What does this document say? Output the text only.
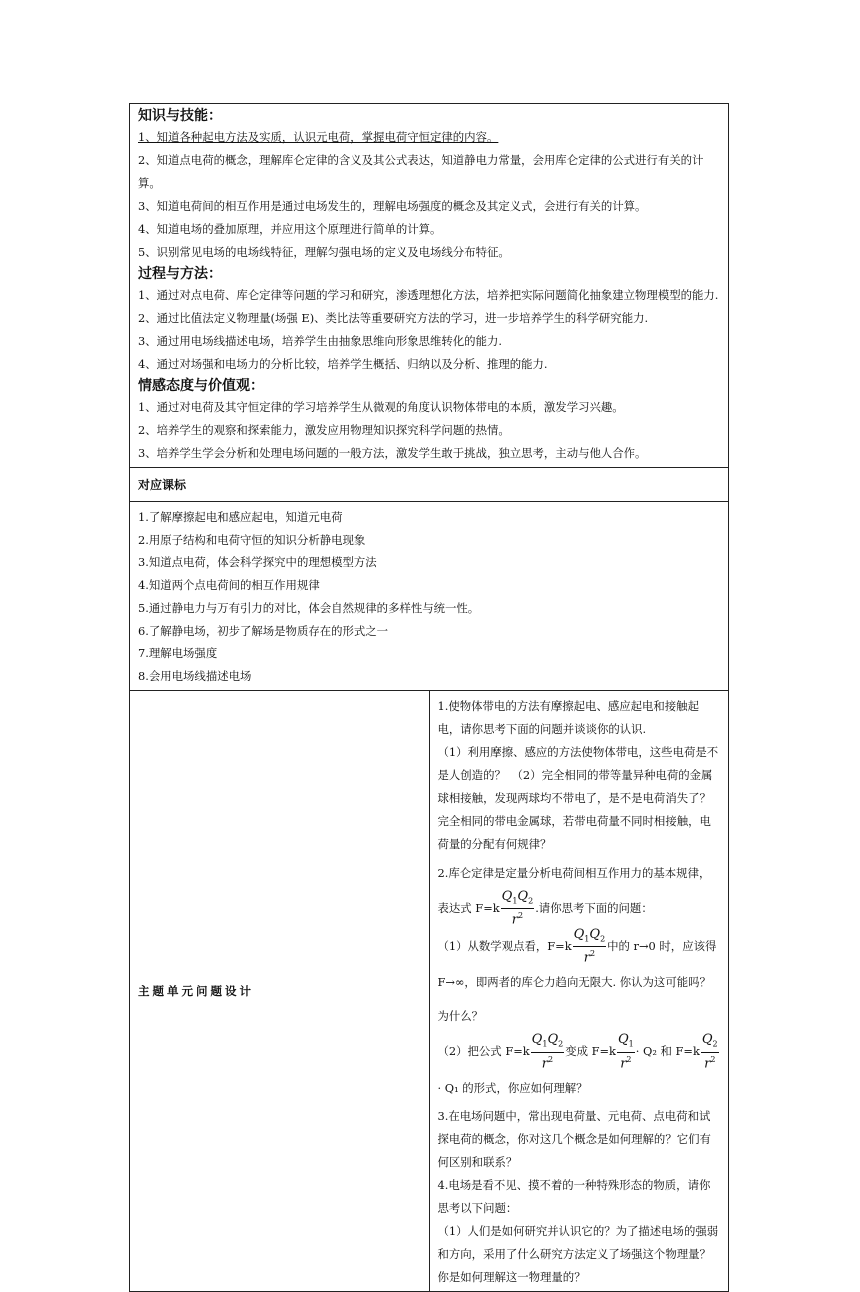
知识与技能：

1、知道各种起电方法及实质，认识元电荷，掌握电荷守恒定律的内容。

2、知道点电荷的概念，理解库仑定律的含义及其公式表达，知道静电力常量，会用库仑定律的公式进行有关的计算。

3、知道电荷间的相互作用是通过电场发生的，理解电场强度的概念及其定义式，会进行有关的计算。

4、知道电场的叠加原理，并应用这个原理进行简单的计算。

5、识别常见电场的电场线特征，理解匀强电场的定义及电场线分布特征。

过程与方法：

1、通过对点电荷、库仑定律等问题的学习和研究，渗透理想化方法，培养把实际问题简化抽象建立物理模型的能力.

2、通过比值法定义物理量(场强 E)、类比法等重要研究方法的学习，进一步培养学生的科学研究能力.

3、通过用电场线描述电场，培养学生由抽象思维向形象思维转化的能力.

4、通过对场强和电场力的分析比较，培养学生概括、归纳以及分析、推理的能力.

情感态度与价值观：

1、通过对电荷及其守恒定律的学习培养学生从微观的角度认识物体带电的本质，激发学习兴趣。

2、培养学生的观察和探索能力，激发应用物理知识探究科学问题的热情。

3、培养学生学会分析和处理电场问题的一般方法，激发学生敢于挑战，独立思考，主动与他人合作。

对应课标

1.了解摩擦起电和感应起电，知道元电荷

2.用原子结构和电荷守恒的知识分析静电现象

3.知道点电荷，体会科学探究中的理想模型方法

4.知道两个点电荷间的相互作用规律

5.通过静电力与万有引力的对比，体会自然规律的多样性与统一性。

6.了解静电场，初步了解场是物质存在的形式之一

7.理解电场强度

8.会用电场线描述电场

主题单元问题设计	

1.使物体带电的方法有摩擦起电、感应起电和接触起电，请你思考下面的问题并谈谈你的认识.

（1）利用摩擦、感应的方法使物体带电，这些电荷是不是人创造的？　（2）完全相同的带等量异种电荷的金属球相接触，发现两球均不带电了，是不是电荷消失了？完全相同的带电金属球，若带电荷量不同时相接触，电荷量的分配有何规律？

2.库仑定律是定量分析电荷间相互作用力的基本规律，表达式 $F=k \frac{Q_1Q_2}{r^2}$ .请你思考下面的问题：

（1）从数学观点看，$F=k \frac{Q_1Q_2}{r^2}$ 中的 r→0 时，应该得 F→∞，即两者的库仑力趋向无限大. 你认为这可能吗？为什么？

（2）把公式 $F=k \frac{Q_1Q_2}{r^2}$ 变成 $F=k \frac{Q_1}{r^2} \cdot Q_2$ 和 $F=k \frac{Q_2}{r^2}$
· Q₁ 的形式，你应如何理解？

3.在电场问题中，常出现电荷量、元电荷、点电荷和试探电荷的概念，你对这几个概念是如何理解的？它们有何区别和联系？

4.电场是看不见、摸不着的一种特殊形态的物质，请你思考以下问题：

（1）人们是如何研究并认识它的？为了描述电场的强弱和方向，采用了什么研究方法定义了场强这个物理量？你是如何理解这一物理量的？
